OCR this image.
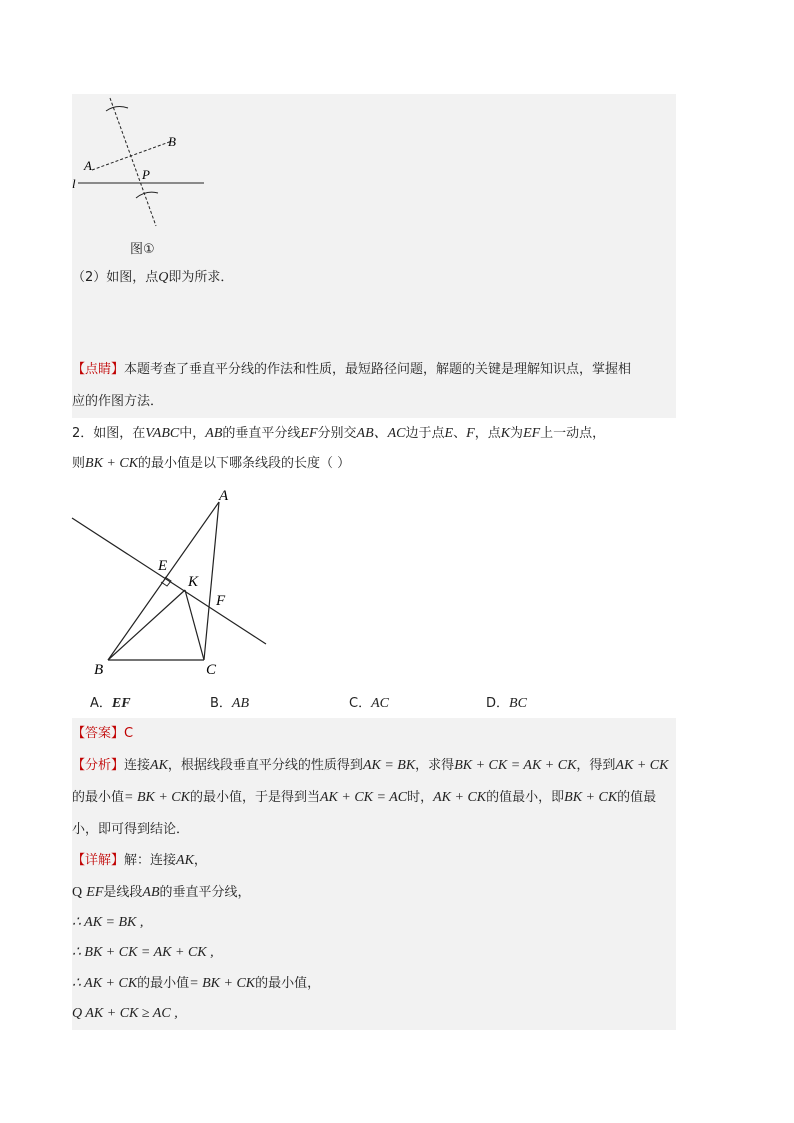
A
B
P
l
图①
（2）如图，点Q即为所求．
【点睛】本题考查了垂直平分线的作法和性质，最短路径问题，解题的关键是理解知识点，掌握相
应的作图方法．
2．如图，在VABC中，AB的垂直平分线EF分别交AB、AC边于点E、F，点K为EF上一动点，
则BK + CK的最小值是以下哪条线段的长度（ ）
A
B	C
E
F
K
A．EF	B．AB	C．AC	D．BC
【答案】C
【分析】连接AK，根据线段垂直平分线的性质得到AK = BK，求得BK + CK = AK + CK，得到AK + CK
的最小值= BK + CK的最小值，于是得到当AK + CK = AC时，AK + CK的值最小，即BK + CK的值最
小，即可得到结论．
【详解】解：连接AK，
Q EF是线段AB的垂直平分线，
∴ AK = BK ,
∴ BK + CK = AK + CK ,
∴ AK + CK的最小值= BK + CK的最小值，
Q AK + CK ≥ AC ,
